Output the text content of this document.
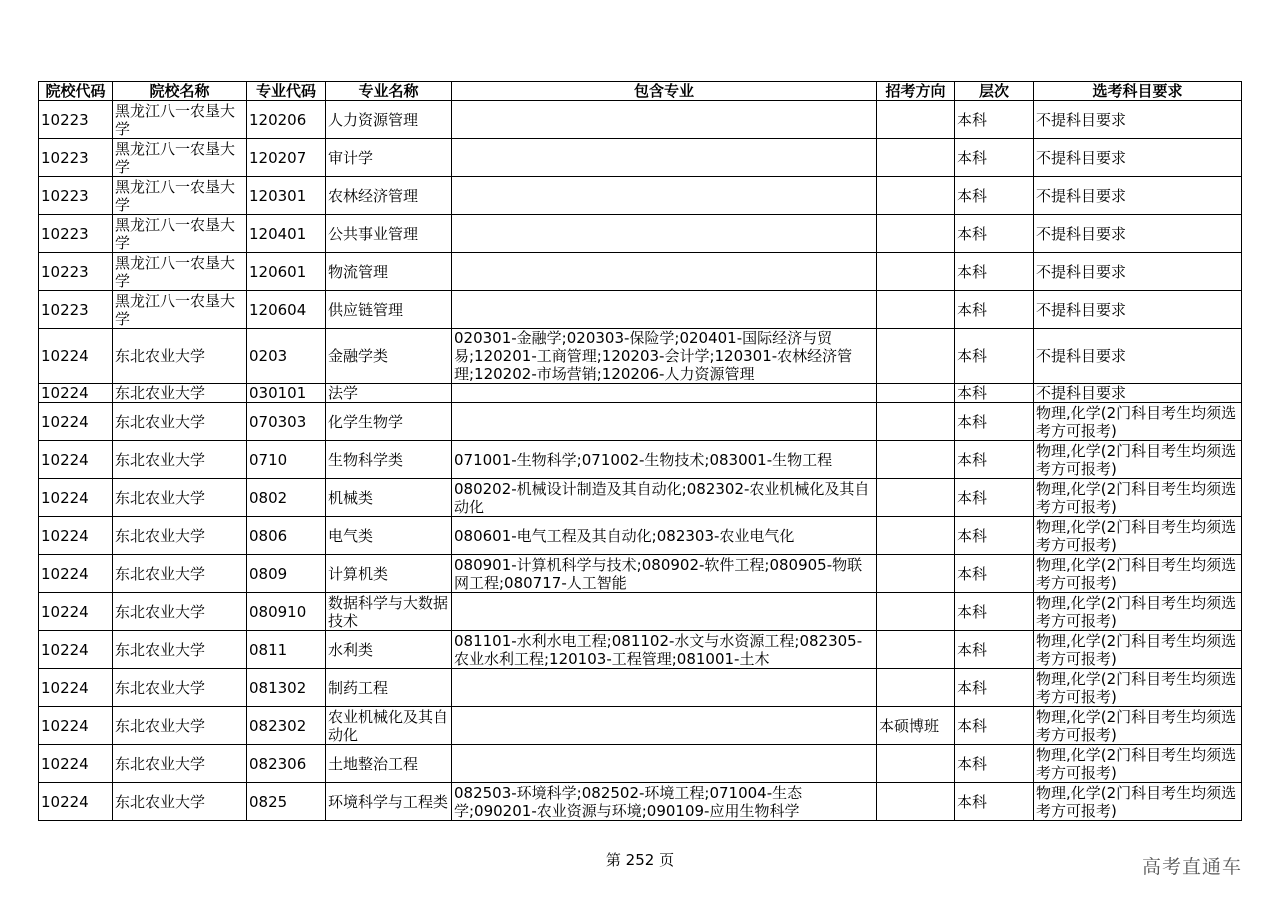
院校代码	院校名称	专业代码	专业名称	包含专业	招考方向	层次	选考科目要求
10223	黑龙江八一农垦大学	120206	人力资源管理			本科	不提科目要求
10223	黑龙江八一农垦大学	120207	审计学			本科	不提科目要求
10223	黑龙江八一农垦大学	120301	农林经济管理			本科	不提科目要求
10223	黑龙江八一农垦大学	120401	公共事业管理			本科	不提科目要求
10223	黑龙江八一农垦大学	120601	物流管理			本科	不提科目要求
10223	黑龙江八一农垦大学	120604	供应链管理			本科	不提科目要求
10224	东北农业大学	0203	金融学类	020301-金融学;020303-保险学;020401-国际经济与贸易;120201-工商管理;120203-会计学;120301-农林经济管理;120202-市场营销;120206-人力资源管理		本科	不提科目要求
10224	东北农业大学	030101	法学			本科	不提科目要求
10224	东北农业大学	070303	化学生物学			本科	物理,化学(2门科目考生均须选考方可报考)
10224	东北农业大学	0710	生物科学类	071001-生物科学;071002-生物技术;083001-生物工程		本科	物理,化学(2门科目考生均须选考方可报考)
10224	东北农业大学	0802	机械类	080202-机械设计制造及其自动化;082302-农业机械化及其自动化		本科	物理,化学(2门科目考生均须选考方可报考)
10224	东北农业大学	0806	电气类	080601-电气工程及其自动化;082303-农业电气化		本科	物理,化学(2门科目考生均须选考方可报考)
10224	东北农业大学	0809	计算机类	080901-计算机科学与技术;080902-软件工程;080905-物联网工程;080717-人工智能		本科	物理,化学(2门科目考生均须选考方可报考)
10224	东北农业大学	080910	数据科学与大数据技术			本科	物理,化学(2门科目考生均须选考方可报考)
10224	东北农业大学	0811	水利类	081101-水利水电工程;081102-水文与水资源工程;082305-农业水利工程;120103-工程管理;081001-土木		本科	物理,化学(2门科目考生均须选考方可报考)
10224	东北农业大学	081302	制药工程			本科	物理,化学(2门科目考生均须选考方可报考)
10224	东北农业大学	082302	农业机械化及其自动化		本硕博班	本科	物理,化学(2门科目考生均须选考方可报考)
10224	东北农业大学	082306	土地整治工程			本科	物理,化学(2门科目考生均须选考方可报考)
10224	东北农业大学	0825	环境科学与工程类	082503-环境科学;082502-环境工程;071004-生态学;090201-农业资源与环境;090109-应用生物科学		本科	物理,化学(2门科目考生均须选考方可报考)
第 252 页	高考直通车
